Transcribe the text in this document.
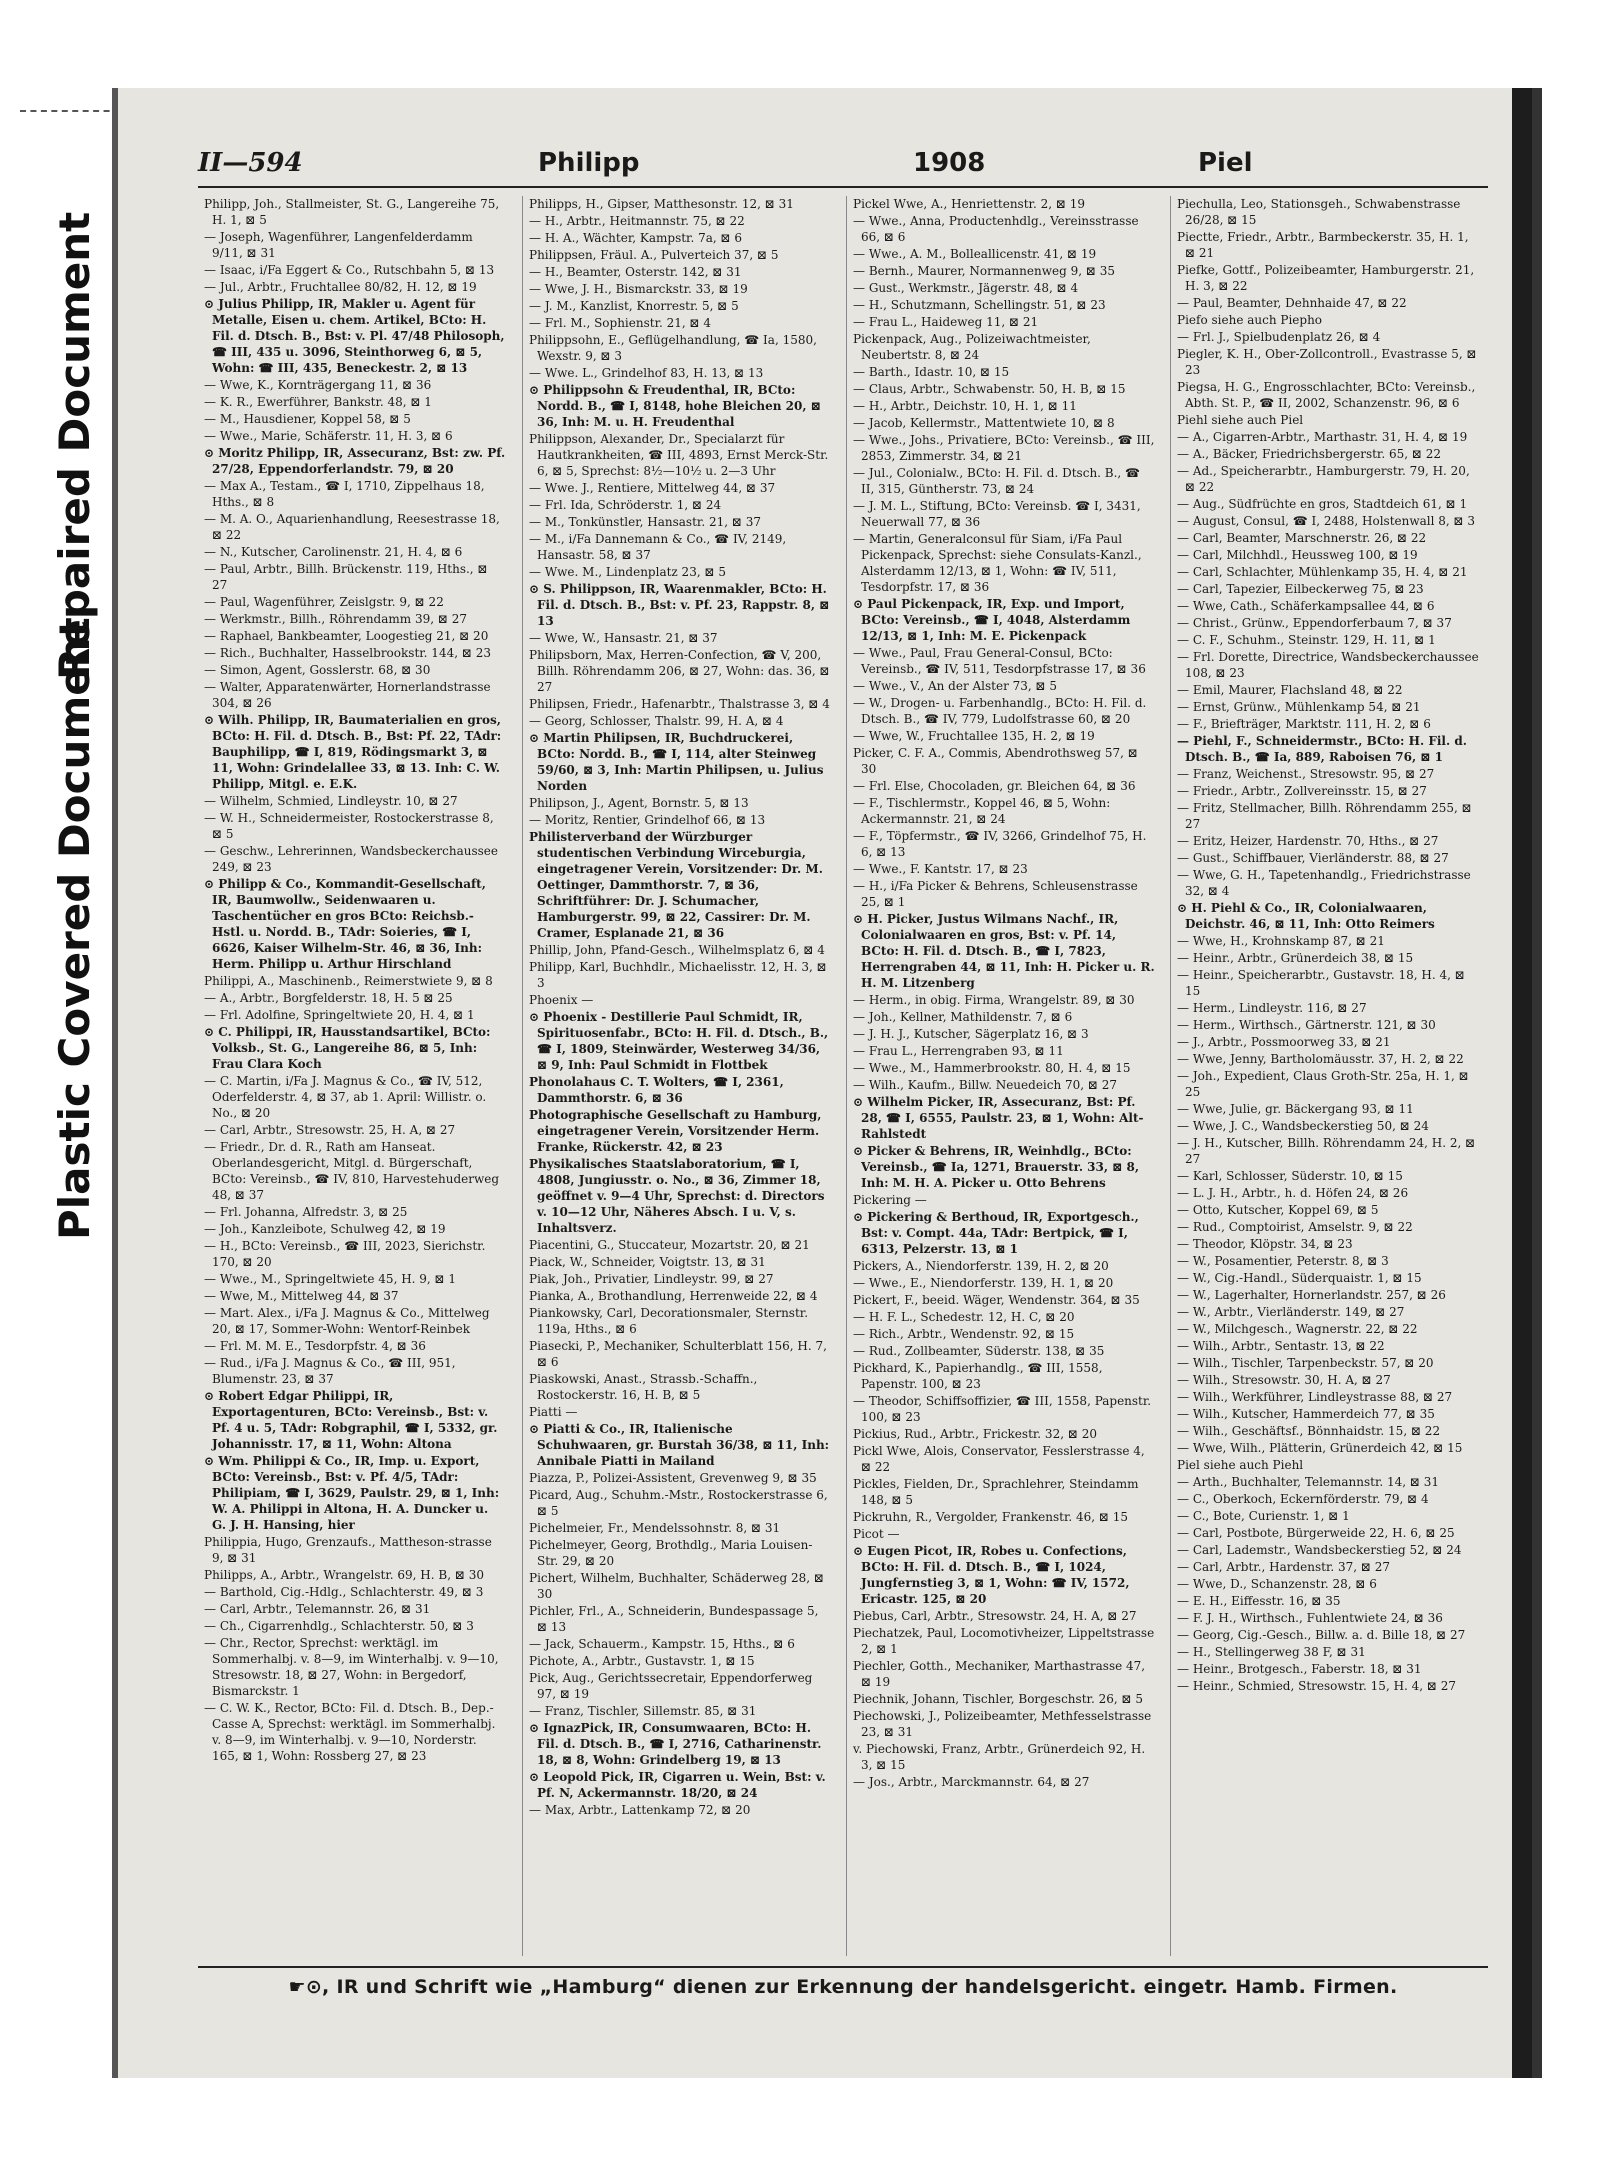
Repaired Document
Plastic Covered Document
II—594	Philipp	1908	Piel
Philipp, Joh., Stallmeister, St. G., Langereihe 75, H. 1, ⊠ 5
— Joseph, Wagenführer, Langenfelderdamm 9/11, ⊠ 31
— Isaac, i/Fa Eggert & Co., Rutschbahn 5, ⊠ 13
— Jul., Arbtr., Fruchtallee 80/82, H. 12, ⊠ 19
⊙ Julius Philipp, IR, Makler u. Agent für Metalle, Eisen u. chem. Artikel, BCto: H. Fil. d. Dtsch. B., Bst: v. Pl. 47/48 Philosoph, ☎ III, 435 u. 3096, Steinthorweg 6, ⊠ 5, Wohn: ☎ III, 435, Beneckestr. 2, ⊠ 13
— Wwe, K., Kornträgergang 11, ⊠ 36
— K. R., Ewerführer, Bankstr. 48, ⊠ 1
— M., Hausdiener, Koppel 58, ⊠ 5
— Wwe., Marie, Schäferstr. 11, H. 3, ⊠ 6
⊙ Moritz Philipp, IR, Assecuranz, Bst: zw. Pf. 27/28, Eppendorferlandstr. 79, ⊠ 20
— Max A., Testam., ☎ I, 1710, Zippelhaus 18, Hths., ⊠ 8
— M. A. O., Aquarienhandlung, Reesestrasse 18, ⊠ 22
— N., Kutscher, Carolinenstr. 21, H. 4, ⊠ 6
— Paul, Arbtr., Billh. Brückenstr. 119, Hths., ⊠ 27
— Paul, Wagenführer, Zeislgstr. 9, ⊠ 22
— Werkmstr., Billh., Röhrendamm 39, ⊠ 27
— Raphael, Bankbeamter, Loogestieg 21, ⊠ 20
— Rich., Buchhalter, Hasselbrookstr. 144, ⊠ 23
— Simon, Agent, Gosslerstr. 68, ⊠ 30
— Walter, Apparatenwärter, Hornerlandstrasse 304, ⊠ 26
⊙ Wilh. Philipp, IR, Baumaterialien en gros, BCto: H. Fil. d. Dtsch. B., Bst: Pf. 22, TAdr: Bauphilipp, ☎ I, 819, Rödingsmarkt 3, ⊠ 11, Wohn: Grindelallee 33, ⊠ 13. Inh: C. W. Philipp, Mitgl. e. E.K.
— Wilhelm, Schmied, Lindleystr. 10, ⊠ 27
— W. H., Schneidermeister, Rostockerstrasse 8, ⊠ 5
— Geschw., Lehrerinnen, Wandsbeckerchaussee 249, ⊠ 23
⊙ Philipp & Co., Kommandit-Gesellschaft, IR, Baumwollw., Seidenwaaren u. Taschentücher en gros BCto: Reichsb.-Hstl. u. Nordd. B., TAdr: Soieries, ☎ I, 6626, Kaiser Wilhelm-Str. 46, ⊠ 36, Inh: Herm. Philipp u. Arthur Hirschland
Philippi, A., Maschinenb., Reimerstwiete 9, ⊠ 8
— A., Arbtr., Borgfelderstr. 18, H. 5 ⊠ 25
— Frl. Adolfine, Springeltwiete 20, H. 4, ⊠ 1
⊙ C. Philippi, IR, Hausstandsartikel, BCto: Volksb., St. G., Langereihe 86, ⊠ 5, Inh: Frau Clara Koch
— C. Martin, i/Fa J. Magnus & Co., ☎ IV, 512, Oderfelderstr. 4, ⊠ 37, ab 1. April: Willistr. o. No., ⊠ 20
— Carl, Arbtr., Stresowstr. 25, H. A, ⊠ 27
— Friedr., Dr. d. R., Rath am Hanseat. Oberlandesgericht, Mitgl. d. Bürgerschaft, BCto: Vereinsb., ☎ IV, 810, Harvestehuderweg 48, ⊠ 37
— Frl. Johanna, Alfredstr. 3, ⊠ 25
— Joh., Kanzleibote, Schulweg 42, ⊠ 19
— H., BCto: Vereinsb., ☎ III, 2023, Sierichstr. 170, ⊠ 20
— Wwe., M., Springeltwiete 45, H. 9, ⊠ 1
— Wwe, M., Mittelweg 44, ⊠ 37
— Mart. Alex., i/Fa J. Magnus & Co., Mittelweg 20, ⊠ 17, Sommer-Wohn: Wentorf-Reinbek
— Frl. M. M. E., Tesdorpfstr. 4, ⊠ 36
— Rud., i/Fa J. Magnus & Co., ☎ III, 951, Blumenstr. 23, ⊠ 37
⊙ Robert Edgar Philippi, IR, Exportagenturen, BCto: Vereinsb., Bst: v. Pf. 4 u. 5, TAdr: Robgraphil, ☎ I, 5332, gr. Johannisstr. 17, ⊠ 11, Wohn: Altona
⊙ Wm. Philippi & Co., IR, Imp. u. Export, BCto: Vereinsb., Bst: v. Pf. 4/5, TAdr: Philipiam, ☎ I, 3629, Paulstr. 29, ⊠ 1, Inh: W. A. Philippi in Altona, H. A. Duncker u. G. J. H. Hansing, hier
Philippia, Hugo, Grenzaufs., Mattheson-strasse 9, ⊠ 31
Philipps, A., Arbtr., Wrangelstr. 69, H. B, ⊠ 30
— Barthold, Cig.-Hdlg., Schlachterstr. 49, ⊠ 3
— Carl, Arbtr., Telemannstr. 26, ⊠ 31
— Ch., Cigarrenhdlg., Schlachterstr. 50, ⊠ 3
— Chr., Rector, Sprechst: werktägl. im Sommerhalbj. v. 8—9, im Winterhalbj. v. 9—10, Stresowstr. 18, ⊠ 27, Wohn: in Bergedorf, Bismarckstr. 1
— C. W. K., Rector, BCto: Fil. d. Dtsch. B., Dep.-Casse A, Sprechst: werktägl. im Sommerhalbj. v. 8—9, im Winterhalbj. v. 9—10, Norderstr. 165, ⊠ 1, Wohn: Rossberg 27, ⊠ 23
Philipps, H., Gipser, Matthesonstr. 12, ⊠ 31
— H., Arbtr., Heitmannstr. 75, ⊠ 22
— H. A., Wächter, Kampstr. 7a, ⊠ 6
Philippsen, Fräul. A., Pulverteich 37, ⊠ 5
— H., Beamter, Osterstr. 142, ⊠ 31
— Wwe, J. H., Bismarckstr. 33, ⊠ 19
— J. M., Kanzlist, Knorrestr. 5, ⊠ 5
— Frl. M., Sophienstr. 21, ⊠ 4
Philippsohn, E., Geflügelhandlung, ☎ Ia, 1580, Wexstr. 9, ⊠ 3
— Wwe. L., Grindelhof 83, H. 13, ⊠ 13
⊙ Philippsohn & Freudenthal, IR, BCto: Nordd. B., ☎ I, 8148, hohe Bleichen 20, ⊠ 36, Inh: M. u. H. Freudenthal
Philippson, Alexander, Dr., Specialarzt für Hautkrankheiten, ☎ III, 4893, Ernst Merck-Str. 6, ⊠ 5, Sprechst: 8½—10½ u. 2—3 Uhr
— Wwe. J., Rentiere, Mittelweg 44, ⊠ 37
— Frl. Ida, Schröderstr. 1, ⊠ 24
— M., Tonkünstler, Hansastr. 21, ⊠ 37
— M., i/Fa Dannemann & Co., ☎ IV, 2149, Hansastr. 58, ⊠ 37
— Wwe. M., Lindenplatz 23, ⊠ 5
⊙ S. Philippson, IR, Waarenmakler, BCto: H. Fil. d. Dtsch. B., Bst: v. Pf. 23, Rappstr. 8, ⊠ 13
— Wwe, W., Hansastr. 21, ⊠ 37
Philipsborn, Max, Herren-Confection, ☎ V, 200, Billh. Röhrendamm 206, ⊠ 27, Wohn: das. 36, ⊠ 27
Philipsen, Friedr., Hafenarbtr., Thalstrasse 3, ⊠ 4
— Georg, Schlosser, Thalstr. 99, H. A, ⊠ 4
⊙ Martin Philipsen, IR, Buchdruckerei, BCto: Nordd. B., ☎ I, 114, alter Steinweg 59/60, ⊠ 3, Inh: Martin Philipsen, u. Julius Norden
Philipson, J., Agent, Bornstr. 5, ⊠ 13
— Moritz, Rentier, Grindelhof 66, ⊠ 13
Philisterverband der Würzburger studentischen Verbindung Wirceburgia, eingetragener Verein, Vorsitzender: Dr. M. Oettinger, Dammthorstr. 7, ⊠ 36, Schriftführer: Dr. J. Schumacher, Hamburgerstr. 99, ⊠ 22, Cassirer: Dr. M. Cramer, Esplanade 21, ⊠ 36
Phillip, John, Pfand-Gesch., Wilhelmsplatz 6, ⊠ 4
Philipp, Karl, Buchhdlr., Michaelisstr. 12, H. 3, ⊠ 3
Phoenix —
⊙ Phoenix - Destillerie Paul Schmidt, IR, Spirituosenfabr., BCto: H. Fil. d. Dtsch., B., ☎ I, 1809, Steinwärder, Westerweg 34/36, ⊠ 9, Inh: Paul Schmidt in Flottbek
Phonolahaus C. T. Wolters, ☎ I, 2361, Dammthorstr. 6, ⊠ 36
Photographische Gesellschaft zu Hamburg, eingetragener Verein, Vorsitzender Herm. Franke, Rückerstr. 42, ⊠ 23
Physikalisches Staatslaboratorium, ☎ I, 4808, Jungiusstr. o. No., ⊠ 36, Zimmer 18, geöffnet v. 9—4 Uhr, Sprechst: d. Directors v. 10—12 Uhr, Näheres Absch. I u. V, s. Inhaltsverz.
Piacentini, G., Stuccateur, Mozartstr. 20, ⊠ 21
Piack, W., Schneider, Voigtstr. 13, ⊠ 31
Piak, Joh., Privatier, Lindleystr. 99, ⊠ 27
Pianka, A., Brothandlung, Herrenweide 22, ⊠ 4
Piankowsky, Carl, Decorationsmaler, Sternstr. 119a, Hths., ⊠ 6
Piasecki, P., Mechaniker, Schulterblatt 156, H. 7, ⊠ 6
Piaskowski, Anast., Strassb.-Schaffn., Rostockerstr. 16, H. B, ⊠ 5
Piatti —
⊙ Piatti & Co., IR, Italienische Schuhwaaren, gr. Burstah 36/38, ⊠ 11, Inh: Annibale Piatti in Mailand
Piazza, P., Polizei-Assistent, Grevenweg 9, ⊠ 35
Picard, Aug., Schuhm.-Mstr., Rostockerstrasse 6, ⊠ 5
Pichelmeier, Fr., Mendelssohnstr. 8, ⊠ 31
Pichelmeyer, Georg, Brothdlg., Maria Louisen-Str. 29, ⊠ 20
Pichert, Wilhelm, Buchhalter, Schäderweg 28, ⊠ 30
Pichler, Frl., A., Schneiderin, Bundespassage 5, ⊠ 13
— Jack, Schauerm., Kampstr. 15, Hths., ⊠ 6
Pichote, A., Arbtr., Gustavstr. 1, ⊠ 15
Pick, Aug., Gerichtssecretair, Eppendorferweg 97, ⊠ 19
— Franz, Tischler, Sillemstr. 85, ⊠ 31
⊙ IgnazPick, IR, Consumwaaren, BCto: H. Fil. d. Dtsch. B., ☎ I, 2716, Catharinenstr. 18, ⊠ 8, Wohn: Grindelberg 19, ⊠ 13
⊙ Leopold Pick, IR, Cigarren u. Wein, Bst: v. Pf. N, Ackermannstr. 18/20, ⊠ 24
— Max, Arbtr., Lattenkamp 72, ⊠ 20
Pickel Wwe, A., Henriettenstr. 2, ⊠ 19
— Wwe., Anna, Productenhdlg., Vereinsstrasse 66, ⊠ 6
— Wwe., A. M., Bolleallicenstr. 41, ⊠ 19
— Bernh., Maurer, Normannenweg 9, ⊠ 35
— Gust., Werkmstr., Jägerstr. 48, ⊠ 4
— H., Schutzmann, Schellingstr. 51, ⊠ 23
— Frau L., Haideweg 11, ⊠ 21
Pickenpack, Aug., Polizeiwachtmeister, Neubertstr. 8, ⊠ 24
— Barth., Idastr. 10, ⊠ 15
— Claus, Arbtr., Schwabenstr. 50, H. B, ⊠ 15
— H., Arbtr., Deichstr. 10, H. 1, ⊠ 11
— Jacob, Kellermstr., Mattentwiete 10, ⊠ 8
— Wwe., Johs., Privatiere, BCto: Vereinsb., ☎ III, 2853, Zimmerstr. 34, ⊠ 21
— Jul., Colonialw., BCto: H. Fil. d. Dtsch. B., ☎ II, 315, Güntherstr. 73, ⊠ 24
— J. M. L., Stiftung, BCto: Vereinsb. ☎ I, 3431, Neuerwall 77, ⊠ 36
— Martin, Generalconsul für Siam, i/Fa Paul Pickenpack, Sprechst: siehe Consulats-Kanzl., Alsterdamm 12/13, ⊠ 1, Wohn: ☎ IV, 511, Tesdorpfstr. 17, ⊠ 36
⊙ Paul Pickenpack, IR, Exp. und Import, BCto: Vereinsb., ☎ I, 4048, Alsterdamm 12/13, ⊠ 1, Inh: M. E. Pickenpack
— Wwe., Paul, Frau General-Consul, BCto: Vereinsb., ☎ IV, 511, Tesdorpfstrasse 17, ⊠ 36
— Wwe., V., An der Alster 73, ⊠ 5
— W., Drogen- u. Farbenhandlg., BCto: H. Fil. d. Dtsch. B., ☎ IV, 779, Ludolfstrasse 60, ⊠ 20
— Wwe, W., Fruchtallee 135, H. 2, ⊠ 19
Picker, C. F. A., Commis, Abendrothsweg 57, ⊠ 30
— Frl. Else, Chocoladen, gr. Bleichen 64, ⊠ 36
— F., Tischlermstr., Koppel 46, ⊠ 5, Wohn: Ackermannstr. 21, ⊠ 24
— F., Töpfermstr., ☎ IV, 3266, Grindelhof 75, H. 6, ⊠ 13
— Wwe., F. Kantstr. 17, ⊠ 23
— H., i/Fa Picker & Behrens, Schleusenstrasse 25, ⊠ 1
⊙ H. Picker, Justus Wilmans Nachf., IR, Colonialwaaren en gros, Bst: v. Pf. 14, BCto: H. Fil. d. Dtsch. B., ☎ I, 7823, Herrengraben 44, ⊠ 11, Inh: H. Picker u. R. H. M. Litzenberg
— Herm., in obig. Firma, Wrangelstr. 89, ⊠ 30
— Joh., Kellner, Mathildenstr. 7, ⊠ 6
— J. H. J., Kutscher, Sägerplatz 16, ⊠ 3
— Frau L., Herrengraben 93, ⊠ 11
— Wwe., M., Hammerbrookstr. 80, H. 4, ⊠ 15
— Wilh., Kaufm., Billw. Neuedeich 70, ⊠ 27
⊙ Wilhelm Picker, IR, Assecuranz, Bst: Pf. 28, ☎ I, 6555, Paulstr. 23, ⊠ 1, Wohn: Alt-Rahlstedt
⊙ Picker & Behrens, IR, Weinhdlg., BCto: Vereinsb., ☎ Ia, 1271, Brauerstr. 33, ⊠ 8, Inh: M. H. A. Picker u. Otto Behrens
Pickering —
⊙ Pickering & Berthoud, IR, Exportgesch., Bst: v. Compt. 44a, TAdr: Bertpick, ☎ I, 6313, Pelzerstr. 13, ⊠ 1
Pickers, A., Niendorferstr. 139, H. 2, ⊠ 20
— Wwe., E., Niendorferstr. 139, H. 1, ⊠ 20
Pickert, F., beeid. Wäger, Wendenstr. 364, ⊠ 35
— H. F. L., Schedestr. 12, H. C, ⊠ 20
— Rich., Arbtr., Wendenstr. 92, ⊠ 15
— Rud., Zollbeamter, Süderstr. 138, ⊠ 35
Pickhard, K., Papierhandlg., ☎ III, 1558, Papenstr. 100, ⊠ 23
— Theodor, Schiffsoffizier, ☎ III, 1558, Papenstr. 100, ⊠ 23
Pickius, Rud., Arbtr., Frickestr. 32, ⊠ 20
Pickl Wwe, Alois, Conservator, Fesslerstrasse 4, ⊠ 22
Pickles, Fielden, Dr., Sprachlehrer, Steindamm 148, ⊠ 5
Pickruhn, R., Vergolder, Frankenstr. 46, ⊠ 15
Picot —
⊙ Eugen Picot, IR, Robes u. Confections, BCto: H. Fil. d. Dtsch. B., ☎ I, 1024, Jungfernstieg 3, ⊠ 1, Wohn: ☎ IV, 1572, Ericastr. 125, ⊠ 20
Piebus, Carl, Arbtr., Stresowstr. 24, H. A, ⊠ 27
Piechatzek, Paul, Locomotivheizer, Lippeltstrasse 2, ⊠ 1
Piechler, Gotth., Mechaniker, Marthastrasse 47, ⊠ 19
Piechnik, Johann, Tischler, Borgeschstr. 26, ⊠ 5
Piechowski, J., Polizeibeamter, Methfesselstrasse 23, ⊠ 31
v. Piechowski, Franz, Arbtr., Grünerdeich 92, H. 3, ⊠ 15
— Jos., Arbtr., Marckmannstr. 64, ⊠ 27
Piechulla, Leo, Stationsgeh., Schwabenstrasse 26/28, ⊠ 15
Piectte, Friedr., Arbtr., Barmbeckerstr. 35, H. 1, ⊠ 21
Piefke, Gottf., Polizeibeamter, Hamburgerstr. 21, H. 3, ⊠ 22
— Paul, Beamter, Dehnhaide 47, ⊠ 22
Piefo siehe auch Piepho
— Frl. J., Spielbudenplatz 26, ⊠ 4
Piegler, K. H., Ober-Zollcontroll., Evastrasse 5, ⊠ 23
Piegsa, H. G., Engrosschlachter, BCto: Vereinsb., Abth. St. P., ☎ II, 2002, Schanzenstr. 96, ⊠ 6
Piehl siehe auch Piel
— A., Cigarren-Arbtr., Marthastr. 31, H. 4, ⊠ 19
— A., Bäcker, Friedrichsbergerstr. 65, ⊠ 22
— Ad., Speicherarbtr., Hamburgerstr. 79, H. 20, ⊠ 22
— Aug., Südfrüchte en gros, Stadtdeich 61, ⊠ 1
— August, Consul, ☎ I, 2488, Holstenwall 8, ⊠ 3
— Carl, Beamter, Marschnerstr. 26, ⊠ 22
— Carl, Milchhdl., Heussweg 100, ⊠ 19
— Carl, Schlachter, Mühlenkamp 35, H. 4, ⊠ 21
— Carl, Tapezier, Eilbeckerweg 75, ⊠ 23
— Wwe, Cath., Schäferkampsallee 44, ⊠ 6
— Christ., Grünw., Eppendorferbaum 7, ⊠ 37
— C. F., Schuhm., Steinstr. 129, H. 11, ⊠ 1
— Frl. Dorette, Directrice, Wandsbeckerchaussee 108, ⊠ 23
— Emil, Maurer, Flachsland 48, ⊠ 22
— Ernst, Grünw., Mühlenkamp 54, ⊠ 21
— F., Briefträger, Marktstr. 111, H. 2, ⊠ 6
— Piehl, F., Schneidermstr., BCto: H. Fil. d. Dtsch. B., ☎ Ia, 889, Raboisen 76, ⊠ 1
— Franz, Weichenst., Stresowstr. 95, ⊠ 27
— Friedr., Arbtr., Zollvereinsstr. 15, ⊠ 27
— Fritz, Stellmacher, Billh. Röhrendamm 255, ⊠ 27
— Eritz, Heizer, Hardenstr. 70, Hths., ⊠ 27
— Gust., Schiffbauer, Vierländerstr. 88, ⊠ 27
— Wwe, G. H., Tapetenhandlg., Friedrichstrasse 32, ⊠ 4
⊙ H. Piehl & Co., IR, Colonialwaaren, Deichstr. 46, ⊠ 11, Inh: Otto Reimers
— Wwe, H., Krohnskamp 87, ⊠ 21
— Heinr., Arbtr., Grünerdeich 38, ⊠ 15
— Heinr., Speicherarbtr., Gustavstr. 18, H. 4, ⊠ 15
— Herm., Lindleystr. 116, ⊠ 27
— Herm., Wirthsch., Gärtnerstr. 121, ⊠ 30
— J., Arbtr., Possmoorweg 33, ⊠ 21
— Wwe, Jenny, Bartholomäusstr. 37, H. 2, ⊠ 22
— Joh., Expedient, Claus Groth-Str. 25a, H. 1, ⊠ 25
— Wwe, Julie, gr. Bäckergang 93, ⊠ 11
— Wwe, J. C., Wandsbeckerstieg 50, ⊠ 24
— J. H., Kutscher, Billh. Röhrendamm 24, H. 2, ⊠ 27
— Karl, Schlosser, Süderstr. 10, ⊠ 15
— L. J. H., Arbtr., h. d. Höfen 24, ⊠ 26
— Otto, Kutscher, Koppel 69, ⊠ 5
— Rud., Comptoirist, Amselstr. 9, ⊠ 22
— Theodor, Klöpstr. 34, ⊠ 23
— W., Posamentier, Peterstr. 8, ⊠ 3
— W., Cig.-Handl., Süderquaistr. 1, ⊠ 15
— W., Lagerhalter, Hornerlandstr. 257, ⊠ 26
— W., Arbtr., Vierländerstr. 149, ⊠ 27
— W., Milchgesch., Wagnerstr. 22, ⊠ 22
— Wilh., Arbtr., Sentastr. 13, ⊠ 22
— Wilh., Tischler, Tarpenbeckstr. 57, ⊠ 20
— Wilh., Stresowstr. 30, H. A, ⊠ 27
— Wilh., Werkführer, Lindleystrasse 88, ⊠ 27
— Wilh., Kutscher, Hammerdeich 77, ⊠ 35
— Wilh., Geschäftsf., Bönnhaidstr. 15, ⊠ 22
— Wwe, Wilh., Plätterin, Grünerdeich 42, ⊠ 15
Piel siehe auch Piehl
— Arth., Buchhalter, Telemannstr. 14, ⊠ 31
— C., Oberkoch, Eckernförderstr. 79, ⊠ 4
— C., Bote, Curienstr. 1, ⊠ 1
— Carl, Postbote, Bürgerweide 22, H. 6, ⊠ 25
— Carl, Lademstr., Wandsbeckerstieg 52, ⊠ 24
— Carl, Arbtr., Hardenstr. 37, ⊠ 27
— Wwe, D., Schanzenstr. 28, ⊠ 6
— E. H., Eiffesstr. 16, ⊠ 35
— F. J. H., Wirthsch., Fuhlentwiete 24, ⊠ 36
— Georg, Cig.-Gesch., Billw. a. d. Bille 18, ⊠ 27
— H., Stellingerweg 38 F, ⊠ 31
— Heinr., Brotgesch., Faberstr. 18, ⊠ 31
— Heinr., Schmied, Stresowstr. 15, H. 4, ⊠ 27
☛⊙, IR und Schrift wie „Hamburg“ dienen zur Erkennung der handelsgericht. eingetr. Hamb. Firmen.
